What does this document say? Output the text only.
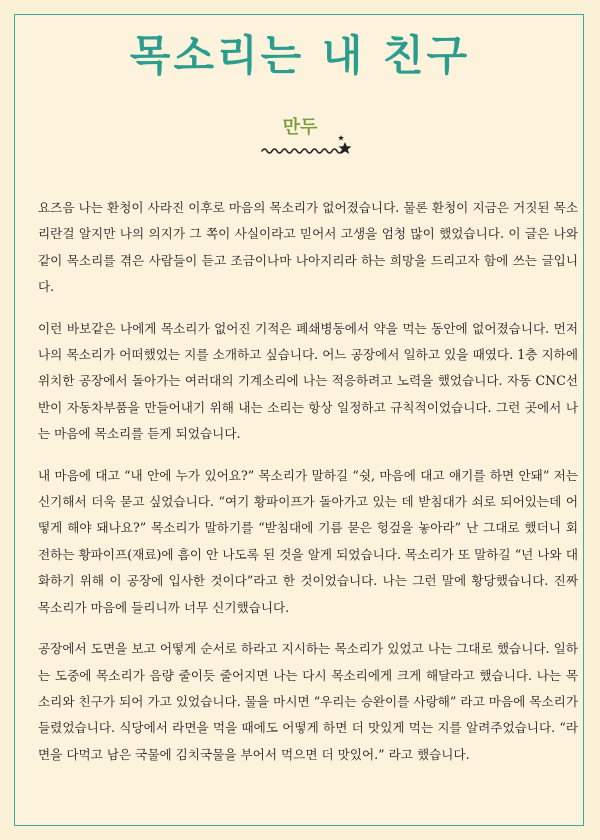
목소리는 내 친구
만두

요즈음 나는 환청이 사라진 이후로 마음의 목소리가 없어졌습니다. 물론 환청이 지금은 거짓된 목소리란걸 알지만 나의 의지가 그 쪽이 사실이라고 믿어서 고생을 엄청 많이 했었습니다. 이 글은 나와 같이 목소리를 겪은 사람들이 듣고 조금이나마 나아지리라 하는 희망을 드리고자 함에 쓰는 글입니다.

이런 바보같은 나에게 목소리가 없어진 기적은 폐쇄병동에서 약을 먹는 동안에 없어졌습니다. 먼저 나의 목소리가 어떠했었는 지를 소개하고 싶습니다. 어느 공장에서 일하고 있을 때였다. 1층 지하에 위치한 공장에서 돌아가는 여러대의 기계소리에 나는 적응하려고 노력을 했었습니다. 자동 CNC선반이 자동차부품을 만들어내기 위해 내는 소리는 항상 일정하고 규칙적이었습니다. 그런 곳에서 나는 마음에 목소리를 듣게 되었습니다.

내 마음에 대고 “내 안에 누가 있어요?” 목소리가 말하길 “쉿, 마음에 대고 얘기를 하면 안돼” 저는 신기해서 더욱 묻고 싶었습니다. “여기 황파이프가 돌아가고 있는 데 받침대가 쇠로 되어있는데 어떻게 해야 돼나요?” 목소리가 말하기를 “받침대에 기름 묻은 헝겊을 놓아라” 난 그대로 했더니 회전하는 황파이프(재료)에 흠이 안 나도록 된 것을 알게 되었습니다. 목소리가 또 말하길 “넌 나와 대화하기 위해 이 공장에 입사한 것이다”라고 한 것이었습니다. 나는 그런 말에 황당했습니다. 진짜 목소리가 마음에 들리니까 너무 신기했습니다.

공장에서 도면을 보고 어떻게 순서로 하라고 지시하는 목소리가 있었고 나는 그대로 했습니다. 일하는 도중에 목소리가 음량 줄이듯 줄어지면 나는 다시 목소리에게 크게 해달라고 했습니다. 나는 목소리와 친구가 되어 가고 있었습니다. 물을 마시면 “우리는 승완이를 사랑해” 라고 마음에 목소리가 들렸었습니다. 식당에서 라면을 먹을 때에도 어떻게 하면 더 맛있게 먹는 지를 알려주었습니다. “라면을 다먹고 남은 국물에 김치국물을 부어서 먹으면 더 맛있어.” 라고 했습니다.
